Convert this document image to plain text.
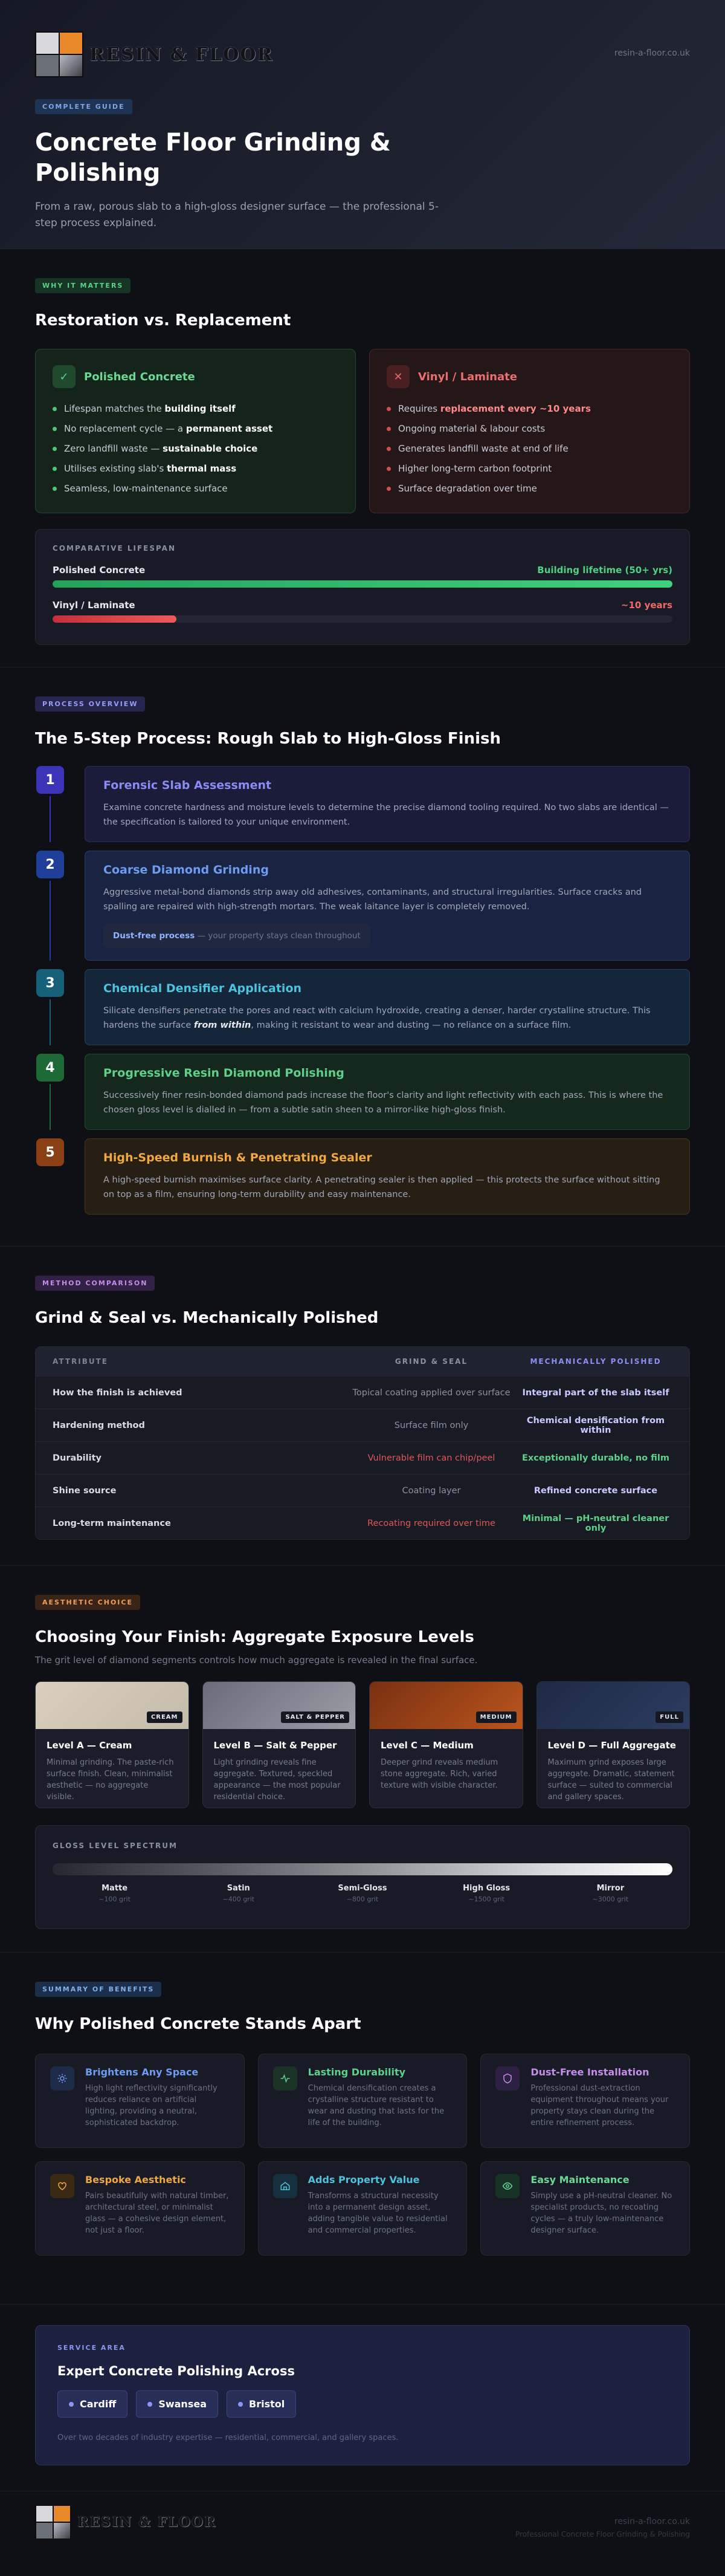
RESIN & FLOOR	resin-a-floor.co.uk
COMPLETE GUIDE
Concrete Floor Grinding & Polishing

From a raw, porous slab to a high-gloss designer surface — the professional 5-step process explained.

WHY IT MATTERS
Restoration vs. Replacement
✓	Polished Concrete
Lifespan matches the building itself
No replacement cycle — a permanent asset
Zero landfill waste — sustainable choice
Utilises existing slab's thermal mass
Seamless, low-maintenance surface
✕	Vinyl / Laminate
Requires replacement every ~10 years
Ongoing material & labour costs
Generates landfill waste at end of life
Higher long-term carbon footprint
Surface degradation over time
COMPARATIVE LIFESPAN
Polished Concrete	Building lifetime (50+ yrs)
Vinyl / Laminate	~10 years
PROCESS OVERVIEW
The 5-Step Process: Rough Slab to High-Gloss Finish
1	Forensic Slab Assessment
Examine concrete hardness and moisture levels to determine the precise diamond tooling required. No two slabs are identical — the specification is tailored to your unique environment.
2	Coarse Diamond Grinding
Aggressive metal-bond diamonds strip away old adhesives, contaminants, and structural irregularities. Surface cracks and spalling are repaired with high-strength mortars. The weak laitance layer is completely removed.
Dust-free process — your property stays clean throughout
3	Chemical Densifier Application
Silicate densifiers penetrate the pores and react with calcium hydroxide, creating a denser, harder crystalline structure. This hardens the surface from within, making it resistant to wear and dusting — no reliance on a surface film.
4	Progressive Resin Diamond Polishing
Successively finer resin-bonded diamond pads increase the floor's clarity and light reflectivity with each pass. This is where the chosen gloss level is dialled in — from a subtle satin sheen to a mirror-like high-gloss finish.
5	High-Speed Burnish & Penetrating Sealer
A high-speed burnish maximises surface clarity. A penetrating sealer is then applied — this protects the surface without sitting on top as a film, ensuring long-term durability and easy maintenance.
METHOD COMPARISON
Grind & Seal vs. Mechanically Polished
ATTRIBUTE	GRIND & SEAL	MECHANICALLY POLISHED
How the finish is achieved	Topical coating applied over surface	Integral part of the slab itself
Hardening method	Surface film only	Chemical densification from within
Durability	Vulnerable film can chip/peel	Exceptionally durable, no film
Shine source	Coating layer	Refined concrete surface
Long-term maintenance	Recoating required over time	Minimal — pH-neutral cleaner only
AESTHETIC CHOICE
Choosing Your Finish: Aggregate Exposure Levels
The grit level of diamond segments controls how much aggregate is revealed in the final surface.
CREAM
Level A — Cream
Minimal grinding. The paste-rich surface finish. Clean, minimalist aesthetic — no aggregate visible.
SALT & PEPPER
Level B — Salt & Pepper
Light grinding reveals fine aggregate. Textured, speckled appearance — the most popular residential choice.
MEDIUM
Level C — Medium
Deeper grind reveals medium stone aggregate. Rich, varied texture with visible character.
FULL
Level D — Full Aggregate
Maximum grind exposes large aggregate. Dramatic, statement surface — suited to commercial and gallery spaces.
GLOSS LEVEL SPECTRUM
Matte
~100 grit
Satin
~400 grit
Semi-Gloss
~800 grit
High Gloss
~1500 grit
Mirror
~3000 grit
SUMMARY OF BENEFITS
Why Polished Concrete Stands Apart
Brightens Any Space
High light reflectivity significantly reduces reliance on artificial lighting, providing a neutral, sophisticated backdrop.
Lasting Durability
Chemical densification creates a crystalline structure resistant to wear and dusting that lasts for the life of the building.
Dust-Free Installation
Professional dust-extraction equipment throughout means your property stays clean during the entire refinement process.
Bespoke Aesthetic
Pairs beautifully with natural timber, architectural steel, or minimalist glass — a cohesive design element, not just a floor.
Adds Property Value
Transforms a structural necessity into a permanent design asset, adding tangible value to residential and commercial properties.
Easy Maintenance
Simply use a pH-neutral cleaner. No specialist products, no recoating cycles — a truly low-maintenance designer surface.
SERVICE AREA
Expert Concrete Polishing Across
Cardiff	Swansea	Bristol
Over two decades of industry expertise — residential, commercial, and gallery spaces.
RESIN & FLOOR	resin-a-floor.co.uk
Professional Concrete Floor Grinding & Polishing
